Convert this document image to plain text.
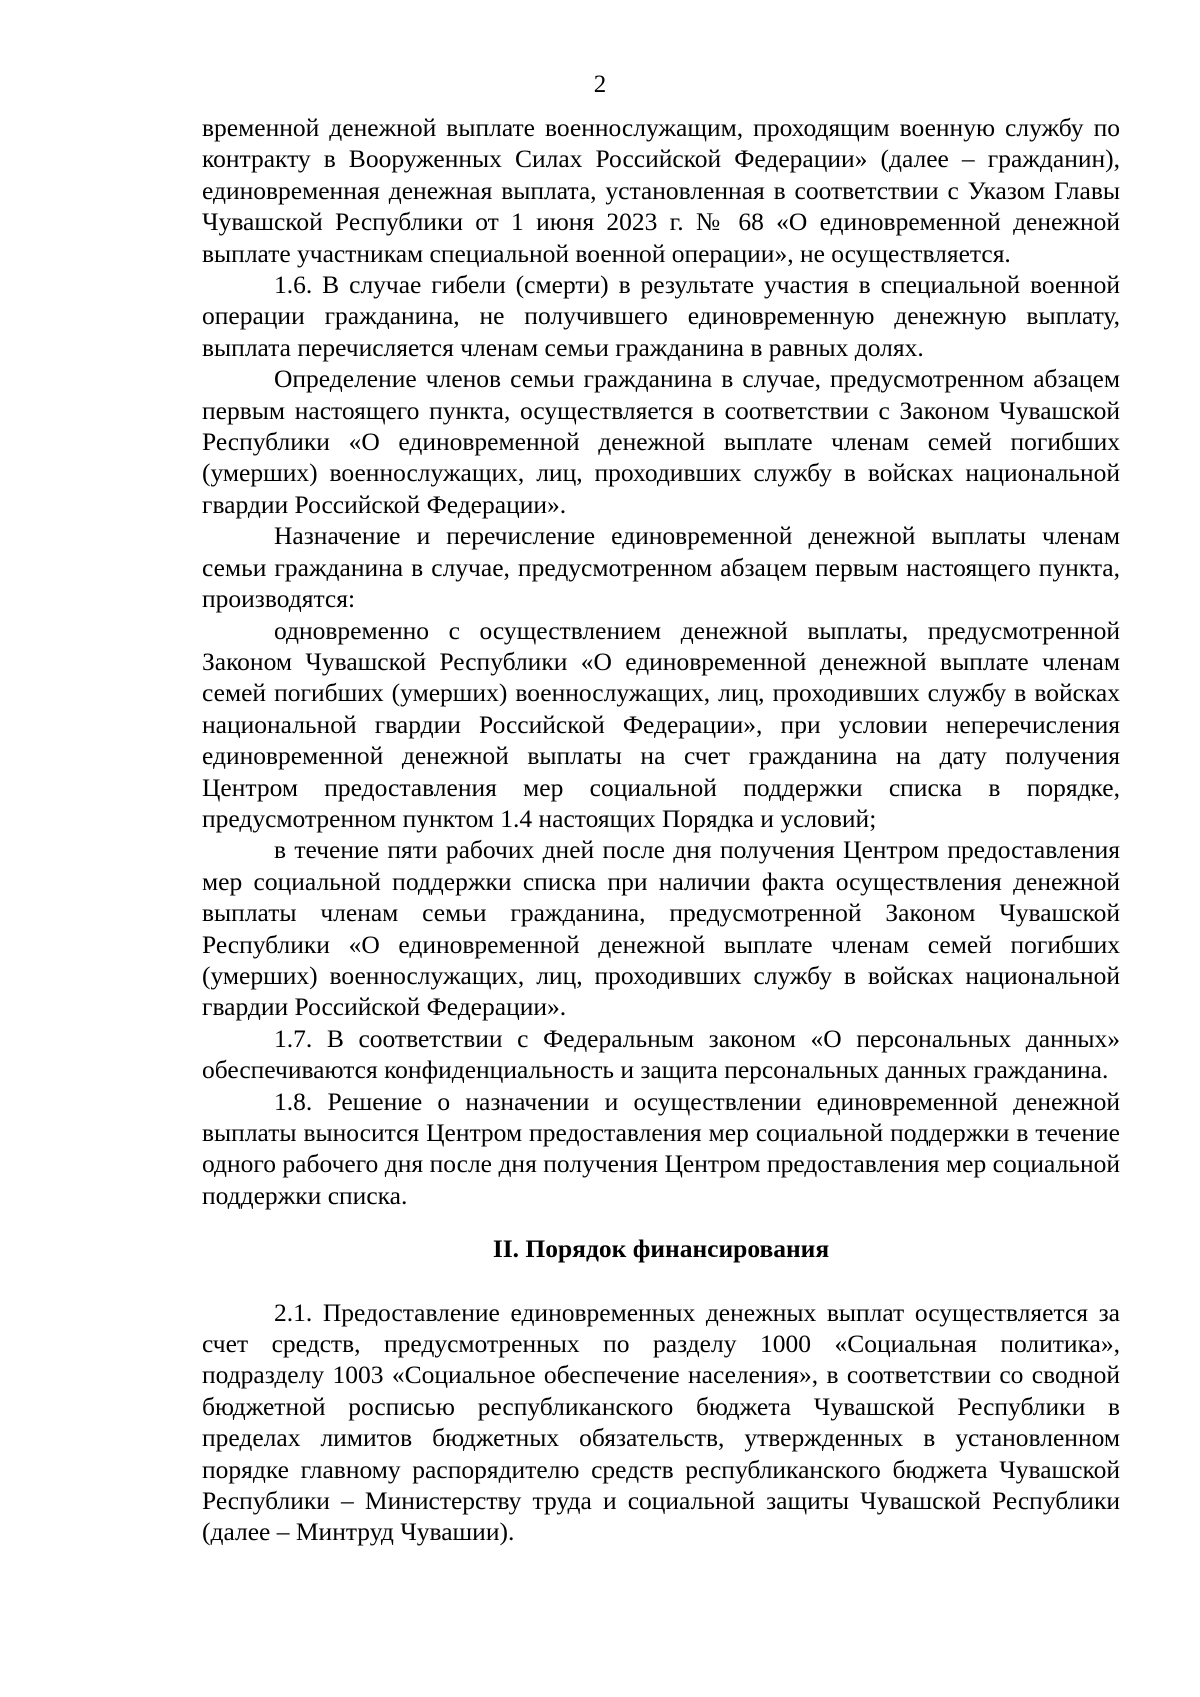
2

временной денежной выплате военнослужащим, проходящим военную службу по контракту в Вооруженных Силах Российской Федерации» (далее – гражданин), единовременная денежная выплата, установленная в соответствии с Указом Главы Чувашской Республики от 1 июня 2023 г. № 68 «О единовременной денежной выплате участникам специальной военной операции», не осуществляется.

1.6. В случае гибели (смерти) в результате участия в специальной военной операции гражданина, не получившего единовременную денежную выплату, выплата перечисляется членам семьи гражданина в равных долях.

Определение членов семьи гражданина в случае, предусмотренном абзацем первым настоящего пункта, осуществляется в соответствии с Законом Чувашской Республики «О единовременной денежной выплате членам семей погибших (умерших) военнослужащих, лиц, проходивших службу в войсках национальной гвардии Российской Федерации».

Назначение и перечисление единовременной денежной выплаты членам семьи гражданина в случае, предусмотренном абзацем первым настоящего пункта, производятся:

одновременно с осуществлением денежной выплаты, предусмотренной Законом Чувашской Республики «О единовременной денежной выплате членам семей погибших (умерших) военнослужащих, лиц, проходивших службу в войсках национальной гвардии Российской Федерации», при условии неперечисления единовременной денежной выплаты на счет гражданина на дату получения Центром предоставления мер социальной поддержки списка в порядке, предусмотренном пунктом 1.4 настоящих Порядка и условий;

в течение пяти рабочих дней после дня получения Центром предоставления мер социальной поддержки списка при наличии факта осуществления денежной выплаты членам семьи гражданина, предусмотренной Законом Чувашской Республики «О единовременной денежной выплате членам семей погибших (умерших) военнослужащих, лиц, проходивших службу в войсках национальной гвардии Российской Федерации».

1.7. В соответствии с Федеральным законом «О персональных данных» обеспечиваются конфиденциальность и защита персональных данных гражданина.

1.8. Решение о назначении и осуществлении единовременной денежной выплаты выносится Центром предоставления мер социальной поддержки в течение одного рабочего дня после дня получения Центром предоставления мер социальной поддержки списка.

II. Порядок финансирования

2.1. Предоставление единовременных денежных выплат осуществляется за счет средств, предусмотренных по разделу 1000 «Социальная политика», подразделу 1003 «Социальное обеспечение населения», в соответствии со сводной бюджетной росписью республиканского бюджета Чувашской Республики в пределах лимитов бюджетных обязательств, утвержденных в установленном порядке главному распорядителю средств республиканского бюджета Чувашской Республики – Министерству труда и социальной защиты Чувашской Республики (далее – Минтруд Чувашии).
